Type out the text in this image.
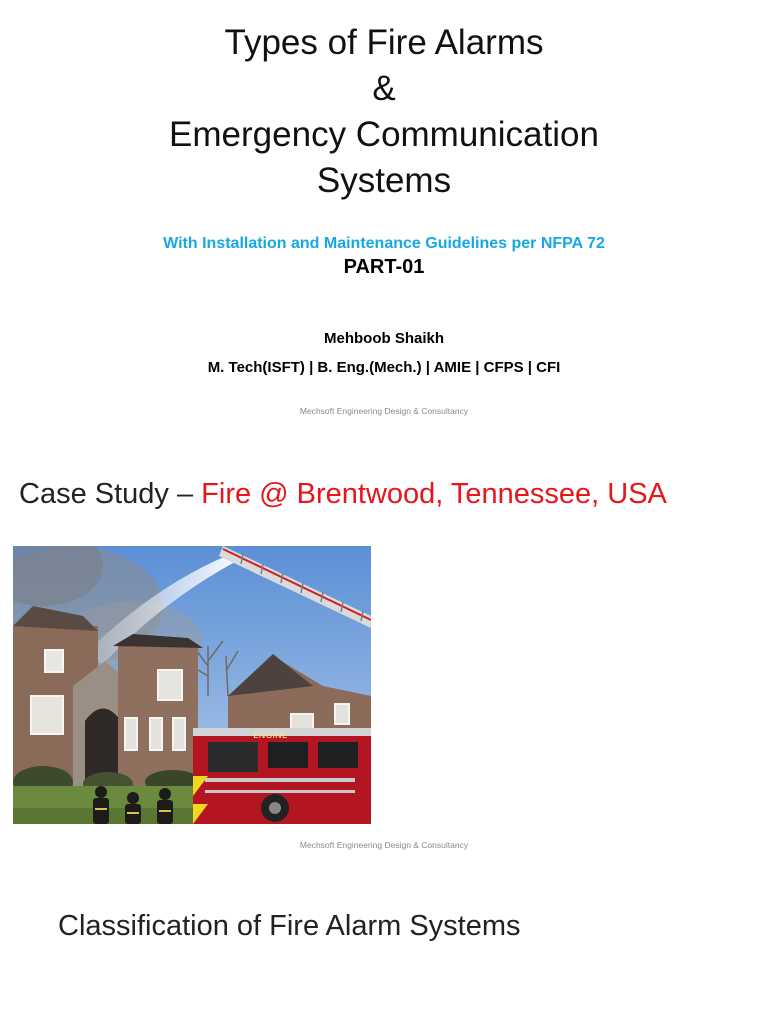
Types of Fire Alarms
&
Emergency Communication
Systems
With Installation and Maintenance Guidelines per NFPA 72
PART-01
Mehboob Shaikh
M. Tech(ISFT) | B. Eng.(Mech.) | AMIE | CFPS | CFI
Mechsoft Engineering Design & Consultancy
Case Study – Fire @ Brentwood, Tennessee, USA
ENGINE
Mechsoft Engineering Design & Consultancy
Classification of Fire Alarm Systems
